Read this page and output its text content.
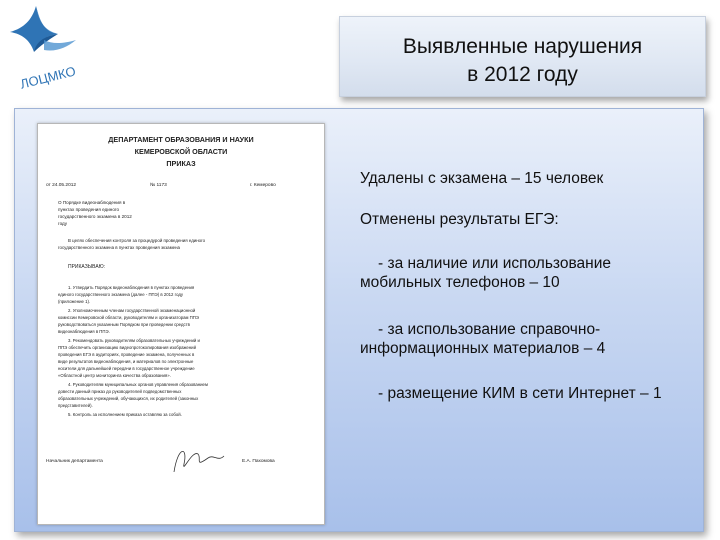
ЛОЦМКО
Выявленные нарушения
в 2012 году
ДЕПАРТАМЕНТ ОБРАЗОВАНИЯ И НАУКИ
КЕМЕРОВСКОЙ ОБЛАСТИ
ПРИКАЗ
от 24.05.2012	№ 1173	г. Кемерово
О Порядке видеонаблюдения в
пунктах проведения единого
государственного экзамена в 2012
году
В целях обеспечения контроля за процедурой проведения единого
государственного экзамена в пунктах проведения экзамена
ПРИКАЗЫВАЮ:
1. Утвердить Порядок видеонаблюдения в пунктах проведения
единого государственного экзамена (далее - ППЭ) в 2012 году
(приложение 1).
2. Уполномоченным членам государственной экзаменационной
комиссии Кемеровской области, руководителям и организаторам ППЭ
руководствоваться указанным Порядком при проведении средств
видеонаблюдения в ППЭ.
3. Рекомендовать руководителям образовательных учреждений и
ППЭ обеспечить организацию видеопротоколирования изображений
проведения ЕГЭ в аудиториях, проведение экзамена, полученных в
виде результатов видеонаблюдения, и материалов по электронные
носители для дальнейшей передачи в государственное учреждение
«Областной центр мониторинга качества образования».
4. Руководителям муниципальных органов управления образованием
довести данный приказ до руководителей подведомственных
образовательных учреждений, обучающихся, их родителей (законных
представителей).
5. Контроль за исполнением приказа оставляю за собой.
Начальник департамента	Е.А. Пахомова

Удалены с экзамена – 15 человек

Отменены результаты ЕГЭ:

- за наличие или использование мобильных телефонов – 10

- за использование справочно-информационных материалов – 4

- размещение КИМ в сети Интернет – 1
